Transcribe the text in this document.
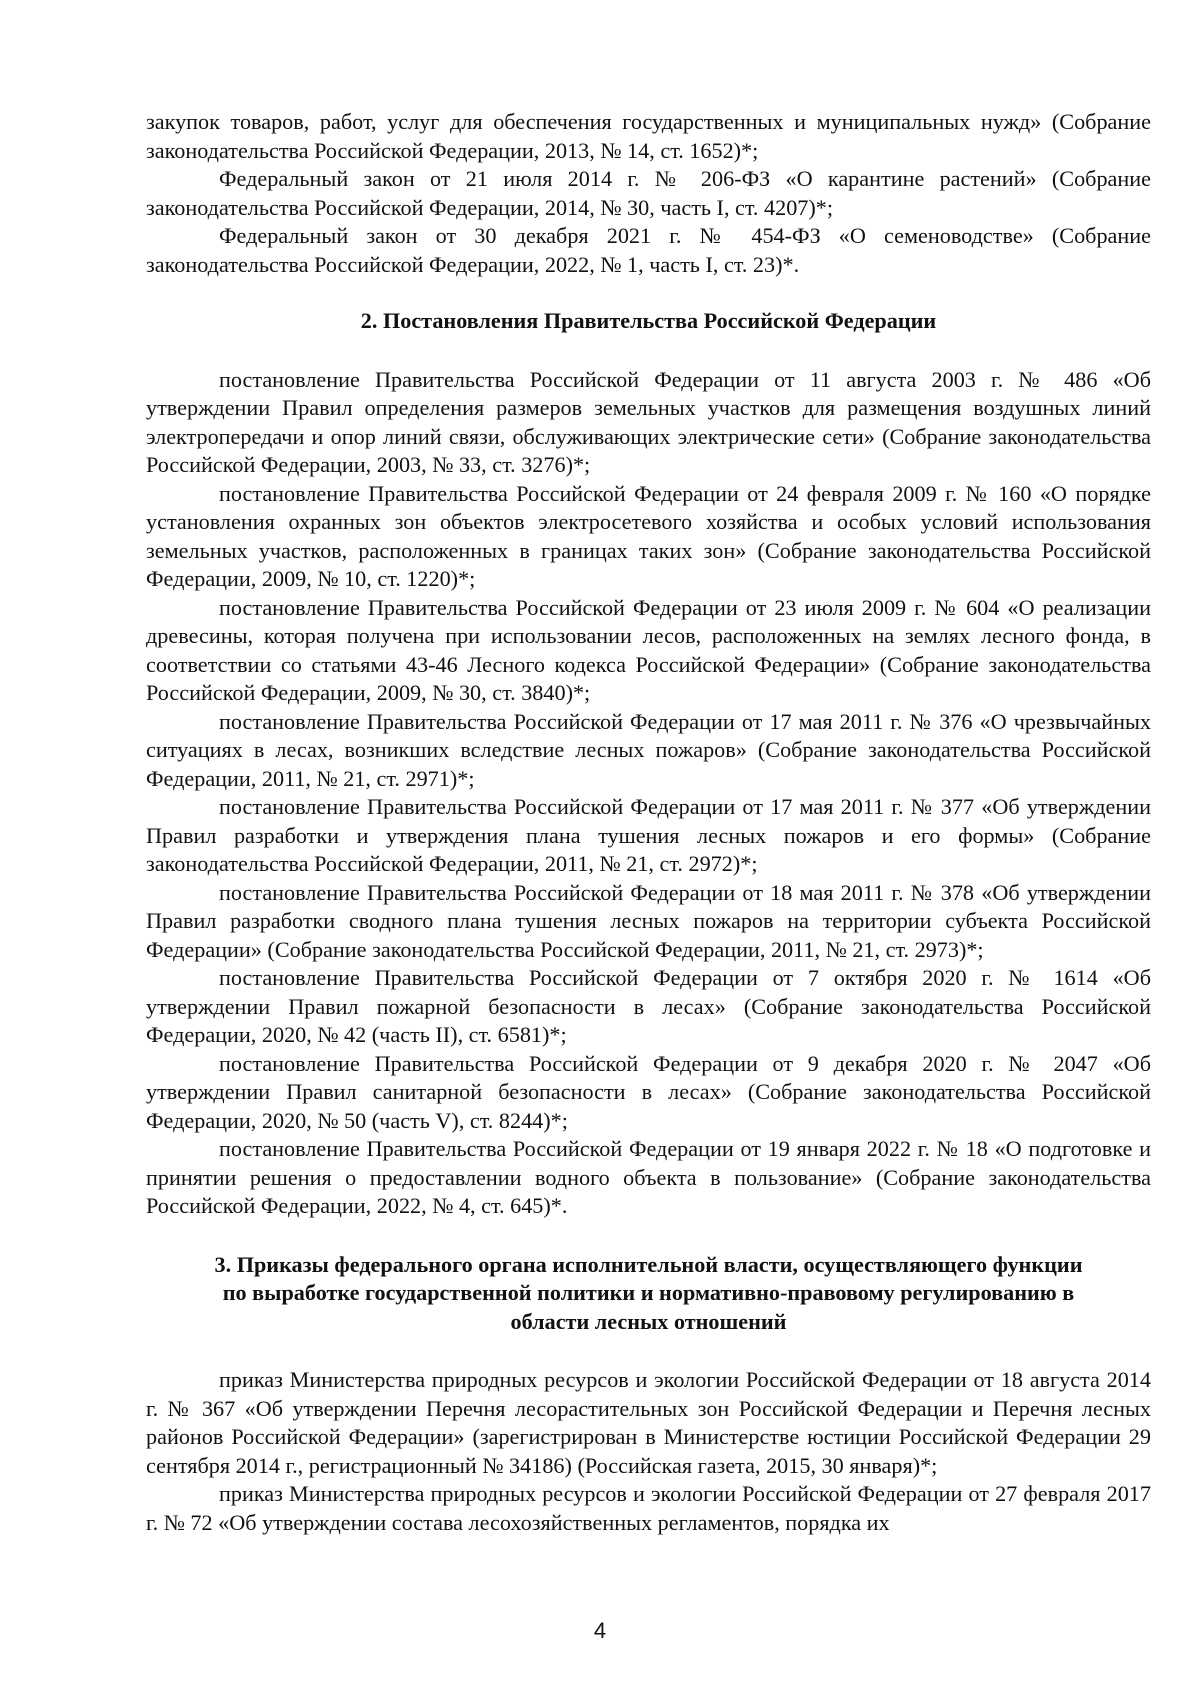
закупок товаров, работ, услуг для обеспечения государственных и муниципальных нужд» (Собрание законодательства Российской Федерации, 2013, № 14, ст. 1652)*;

Федеральный закон от 21 июля 2014 г. № 206-ФЗ «О карантине растений» (Собрание законодательства Российской Федерации, 2014, № 30, часть I, ст. 4207)*;

Федеральный закон от 30 декабря 2021 г. № 454-ФЗ «О семеноводстве» (Собрание законодательства Российской Федерации, 2022, № 1, часть I, ст. 23)*.

2. Постановления Правительства Российской Федерации

постановление Правительства Российской Федерации от 11 августа 2003 г. № 486 «Об утверждении Правил определения размеров земельных участков для размещения воздушных линий электропередачи и опор линий связи, обслуживающих электрические сети» (Собрание законодательства Российской Федерации, 2003, № 33, ст. 3276)*;

постановление Правительства Российской Федерации от 24 февраля 2009 г. № 160 «О порядке установления охранных зон объектов электросетевого хозяйства и особых условий использования земельных участков, расположенных в границах таких зон» (Собрание законодательства Российской Федерации, 2009, № 10, ст. 1220)*;

постановление Правительства Российской Федерации от 23 июля 2009 г. № 604 «О реализации древесины, которая получена при использовании лесов, расположенных на землях лесного фонда, в соответствии со статьями 43-46 Лесного кодекса Российской Федерации» (Собрание законодательства Российской Федерации, 2009, № 30, ст. 3840)*;

постановление Правительства Российской Федерации от 17 мая 2011 г. № 376 «О чрезвычайных ситуациях в лесах, возникших вследствие лесных пожаров» (Собрание законодательства Российской Федерации, 2011, № 21, ст. 2971)*;

постановление Правительства Российской Федерации от 17 мая 2011 г. № 377 «Об утверждении Правил разработки и утверждения плана тушения лесных пожаров и его формы» (Собрание законодательства Российской Федерации, 2011, № 21, ст. 2972)*;

постановление Правительства Российской Федерации от 18 мая 2011 г. № 378 «Об утверждении Правил разработки сводного плана тушения лесных пожаров на территории субъекта Российской Федерации» (Собрание законодательства Российской Федерации, 2011, № 21, ст. 2973)*;

постановление Правительства Российской Федерации от 7 октября 2020 г. № 1614 «Об утверждении Правил пожарной безопасности в лесах» (Собрание законодательства Российской Федерации, 2020, № 42 (часть II), ст. 6581)*;

постановление Правительства Российской Федерации от 9 декабря 2020 г. № 2047 «Об утверждении Правил санитарной безопасности в лесах» (Собрание законодательства Российской Федерации, 2020, № 50 (часть V), ст. 8244)*;

постановление Правительства Российской Федерации от 19 января 2022 г. № 18 «О подготовке и принятии решения о предоставлении водного объекта в пользование» (Собрание законодательства Российской Федерации, 2022, № 4, ст. 645)*.

3. Приказы федерального органа исполнительной власти, осуществляющего функции по выработке государственной политики и нормативно-правовому регулированию в области лесных отношений

приказ Министерства природных ресурсов и экологии Российской Федерации от 18 августа 2014 г. № 367 «Об утверждении Перечня лесорастительных зон Российской Федерации и Перечня лесных районов Российской Федерации» (зарегистрирован в Министерстве юстиции Российской Федерации 29 сентября 2014 г., регистрационный № 34186) (Российская газета, 2015, 30 января)*;

приказ Министерства природных ресурсов и экологии Российской Федерации от 27 февраля 2017 г. № 72 «Об утверждении состава лесохозяйственных регламентов, порядка их

4
